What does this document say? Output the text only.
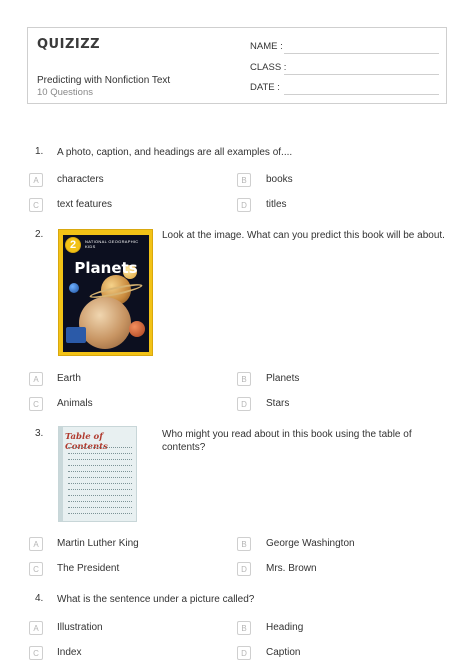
QUIZIZZ
Predicting with Nonfiction Text
10 Questions
NAME :
CLASS :
DATE :
1. A photo, caption, and headings are all examples of....
A	characters	B	books
C	text features	D	titles
2.
2	NATIONAL GEOGRAPHIC KIDS
Planets
Look at the image. What can you predict this book will be about.
A	Earth	B	Planets
C	Animals	D	Stars
3.	Table of Contents
Who might you read about in this book using the table of
contents?
A	Martin Luther King	B	George Washington
C	The President	D	Mrs. Brown
4. What is the sentence under a picture called?
A	Illustration	B	Heading
C	Index	D	Caption
